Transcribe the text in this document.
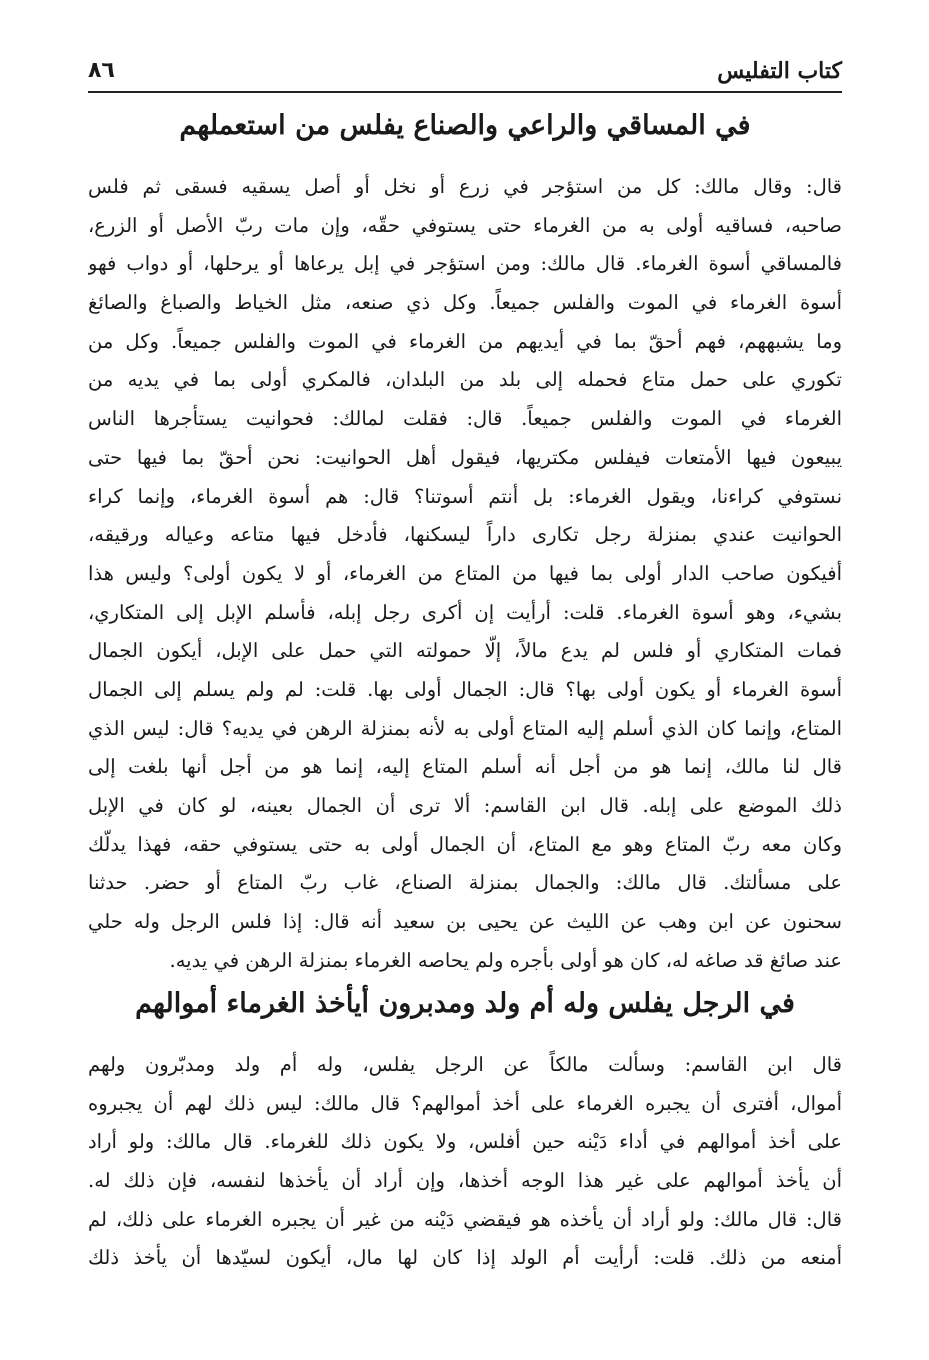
٨٦	كتاب التفليس
في المساقي والراعي والصناع يفلس من استعملهم
قال: وقال مالك: كل من استؤجر في زرع أو نخل أو أصل يسقيه فسقى ثم فلس
صاحبه، فساقيه أولى به من الغرماء حتى يستوفي حقّه، وإن مات ربّ الأصل أو الزرع،
فالمساقي أسوة الغرماء. قال مالك: ومن استؤجر في إبل يرعاها أو يرحلها، أو دواب فهو
أسوة الغرماء في الموت والفلس جميعاً. وكل ذي صنعه، مثل الخياط والصباغ والصائغ
وما يشبههم، فهم أحقّ بما في أيديهم من الغرماء في الموت والفلس جميعاً. وكل من
تكوري على حمل متاع فحمله إلى بلد من البلدان، فالمكري أولى بما في يديه من
الغرماء في الموت والفلس جميعاً. قال: فقلت لمالك: فحوانيت يستأجرها الناس
يبيعون فيها الأمتعات فيفلس مكتريها، فيقول أهل الحوانيت: نحن أحقّ بما فيها حتى
نستوفي كراءنا، ويقول الغرماء: بل أنتم أسوتنا؟ قال: هم أسوة الغرماء، وإنما كراء
الحوانيت عندي بمنزلة رجل تكارى داراً ليسكنها، فأدخل فيها متاعه وعياله ورقيقه،
أفيكون صاحب الدار أولى بما فيها من المتاع من الغرماء، أو لا يكون أولى؟ وليس هذا
بشيء، وهو أسوة الغرماء. قلت: أرأيت إن أكرى رجل إبله، فأسلم الإبل إلى المتكاري،
فمات المتكاري أو فلس لم يدع مالاً، إلّا حمولته التي حمل على الإبل، أيكون الجمال
أسوة الغرماء أو يكون أولى بها؟ قال: الجمال أولى بها. قلت: لم ولم يسلم إلى الجمال
المتاع، وإنما كان الذي أسلم إليه المتاع أولى به لأنه بمنزلة الرهن في يديه؟ قال: ليس الذي
قال لنا مالك، إنما هو من أجل أنه أسلم المتاع إليه، إنما هو من أجل أنها بلغت إلى
ذلك الموضع على إبله. قال ابن القاسم: ألا ترى أن الجمال بعينه، لو كان في الإبل
وكان معه ربّ المتاع وهو مع المتاع، أن الجمال أولى به حتى يستوفي حقه، فهذا يدلّك
على مسألتك. قال مالك: والجمال بمنزلة الصناع، غاب ربّ المتاع أو حضر. حدثنا
سحنون عن ابن وهب عن الليث عن يحيى بن سعيد أنه قال: إذا فلس الرجل وله حلي
عند صائغ قد صاغه له، كان هو أولى بأجره ولم يحاصه الغرماء بمنزلة الرهن في يديه.
في الرجل يفلس وله أم ولد ومدبرون أيأخذ الغرماء أموالهم
قال ابن القاسم: وسألت مالكاً عن الرجل يفلس، وله أم ولد ومدبّرون ولهم
أموال، أفترى أن يجبره الغرماء على أخذ أموالهم؟ قال مالك: ليس ذلك لهم أن يجبروه
على أخذ أموالهم في أداء دَيْنه حين أفلس، ولا يكون ذلك للغرماء. قال مالك: ولو أراد
أن يأخذ أموالهم على غير هذا الوجه أخذها، وإن أراد أن يأخذها لنفسه، فإن ذلك له.
قال: قال مالك: ولو أراد أن يأخذه هو فيقضي دَيْنه من غير أن يجبره الغرماء على ذلك، لم
أمنعه من ذلك. قلت: أرأيت أم الولد إذا كان لها مال، أيكون لسيّدها أن يأخذ ذلك
